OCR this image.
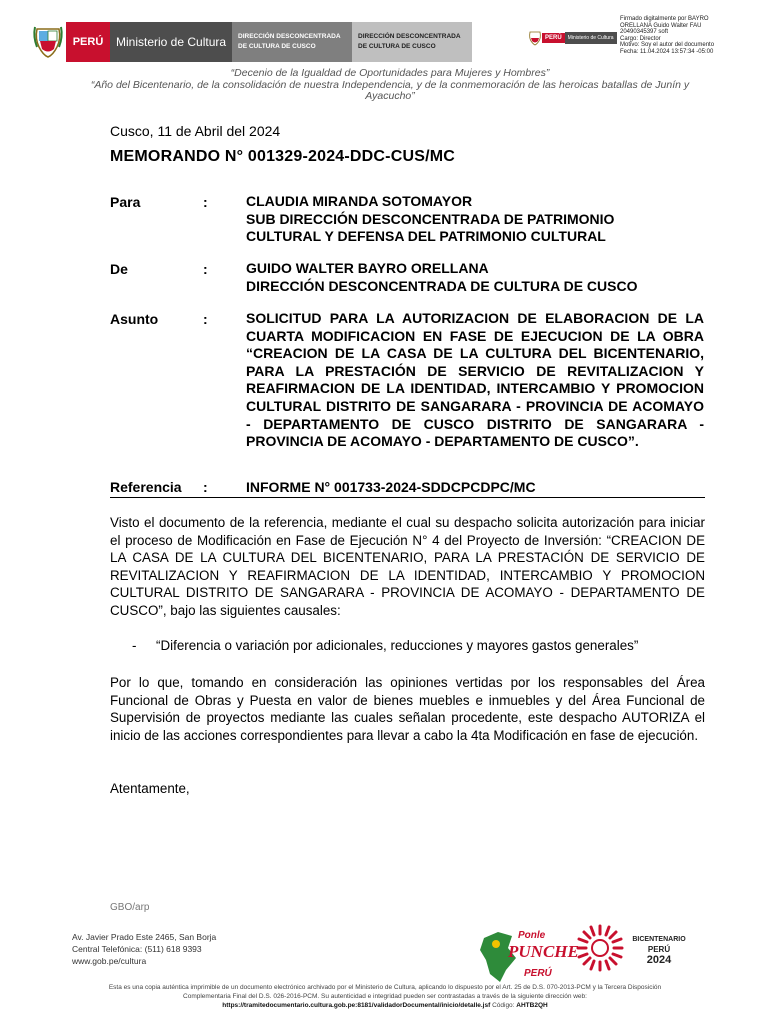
PERÚ	Ministerio de Cultura	DIRECCIÓN DESCONCENTRADA DE CULTURA DE CUSCO
DIRECCIÓN DESCONCENTRADA DE CULTURA DE CUSCO
PERÚ	Ministerio de Cultura
Firmado digitalmente por BAYRO
ORELLANA Guido Walter FAU
20490345397 soft
Cargo: Director
Motivo: Soy el autor del documento
Fecha: 11.04.2024 13:57:34 -05:00
“Decenio de la Igualdad de Oportunidades para Mujeres y Hombres”
“Año del Bicentenario, de la consolidación de nuestra Independencia, y de la conmemoración de las heroicas batallas de Junín y
Ayacucho”
Cusco, 11 de Abril del 2024
MEMORANDO N° 001329-2024-DDC-CUS/MC
Para	:	CLAUDIA MIRANDA SOTOMAYOR
SUB DIRECCIÓN DESCONCENTRADA DE PATRIMONIO
CULTURAL Y DEFENSA DEL PATRIMONIO CULTURAL
De	:	GUIDO WALTER BAYRO ORELLANA
DIRECCIÓN DESCONCENTRADA DE CULTURA DE CUSCO
Asunto	:	SOLICITUD PARA LA AUTORIZACION DE ELABORACION DE LA CUARTA MODIFICACION EN FASE DE EJECUCION DE LA OBRA “CREACION DE LA CASA DE LA CULTURA DEL BICENTENARIO, PARA LA PRESTACIÓN DE SERVICIO DE REVITALIZACION Y REAFIRMACION DE LA IDENTIDAD, INTERCAMBIO Y PROMOCION CULTURAL DISTRITO DE SANGARARA - PROVINCIA DE ACOMAYO - DEPARTAMENTO DE CUSCO DISTRITO DE SANGARARA - PROVINCIA DE ACOMAYO - DEPARTAMENTO DE CUSCO”.
Referencia :	INFORME N° 001733-2024-SDDCPCDPC/MC
Visto el documento de la referencia, mediante el cual su despacho solicita autorización para iniciar el proceso de Modificación en Fase de Ejecución N° 4 del Proyecto de Inversión: “CREACION DE LA CASA DE LA CULTURA DEL BICENTENARIO, PARA LA PRESTACIÓN DE SERVICIO DE REVITALIZACION Y REAFIRMACION DE LA IDENTIDAD, INTERCAMBIO Y PROMOCION CULTURAL DISTRITO DE SANGARARA - PROVINCIA DE ACOMAYO - DEPARTAMENTO DE CUSCO”, bajo las siguientes causales:
- “Diferencia o variación por adicionales, reducciones y mayores gastos generales”
Por lo que, tomando en consideración las opiniones vertidas por los responsables del Área Funcional de Obras y Puesta en valor de bienes muebles e inmuebles y del Área Funcional de Supervisión de proyectos mediante las cuales señalan procedente, este despacho AUTORIZA el inicio de las acciones correspondientes para llevar a cabo la 4ta Modificación en fase de ejecución.
Atentamente,
GBO/arp
Av. Javier Prado Este 2465, San Borja
Central Telefónica: (511) 618 9393
www.gob.pe/cultura
Ponle
PUNCHE
PERÚ
BICENTENARIO
PERÚ
2024
Esta es una copia auténtica imprimible de un documento electrónico archivado por el Ministerio de Cultura, aplicando lo dispuesto por el Art. 25 de D.S. 070-2013-PCM y la Tercera Disposición
Complementaria Final del D.S. 026-2016-PCM. Su autenticidad e integridad pueden ser contrastadas a través de la siguiente dirección web:
https://tramitedocumentario.cultura.gob.pe:8181/validadorDocumental/inicio/detalle.jsf Código: AHTB2QH
